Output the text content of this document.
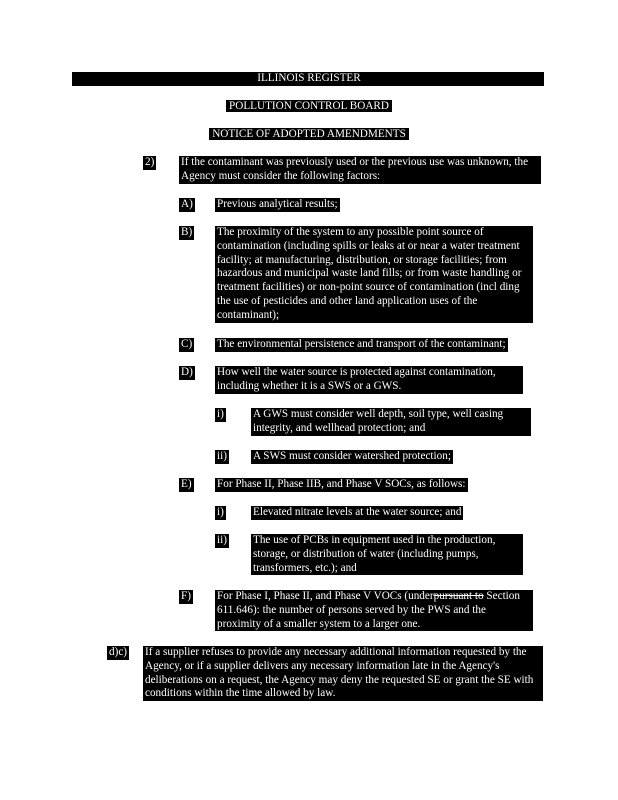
ILLINOIS REGISTER
POLLUTION CONTROL BOARD
NOTICE OF ADOPTED AMENDMENTS
2) If the contaminant was previously used or the previous use was unknown, the Agency must consider the following factors:
A) Previous analytical results;
B) The proximity of the system to any possible point source of contamination (including spills or leaks at or near a water treatment facility; at manufacturing, distribution, or storage facilities; from hazardous and municipal waste land fills; or from waste handling or treatment facilities) or non-point source of contamination (incl ding the use of pesticides and other land application uses of the contaminant);
C) The environmental persistence and transport of the contaminant;
D) How well the water source is protected against contamination, including whether it is a SWS or a GWS.
i)	A GWS must consider well depth, soil type, well casing integrity, and wellhead protection; and
ii) A SWS must consider watershed protection;
E) For Phase II, Phase IIB, and Phase V SOCs, as follows:
i)	Elevated nitrate levels at the water source; and
ii) The use of PCBs in equipment used in the production, storage, or distribution of water (including pumps, transformers, etc.); and
F) For Phase I, Phase II, and Phase V VOCs (underpursuant to Section 611.646): the number of persons served by the PWS and the proximity of a smaller system to a larger one.
d)c) If a supplier refuses to provide any necessary additional information requested by the Agency, or if a supplier delivers any necessary information late in the Agency's deliberations on a request, the Agency may deny the requested SE or grant the SE with conditions within the time allowed by law.
